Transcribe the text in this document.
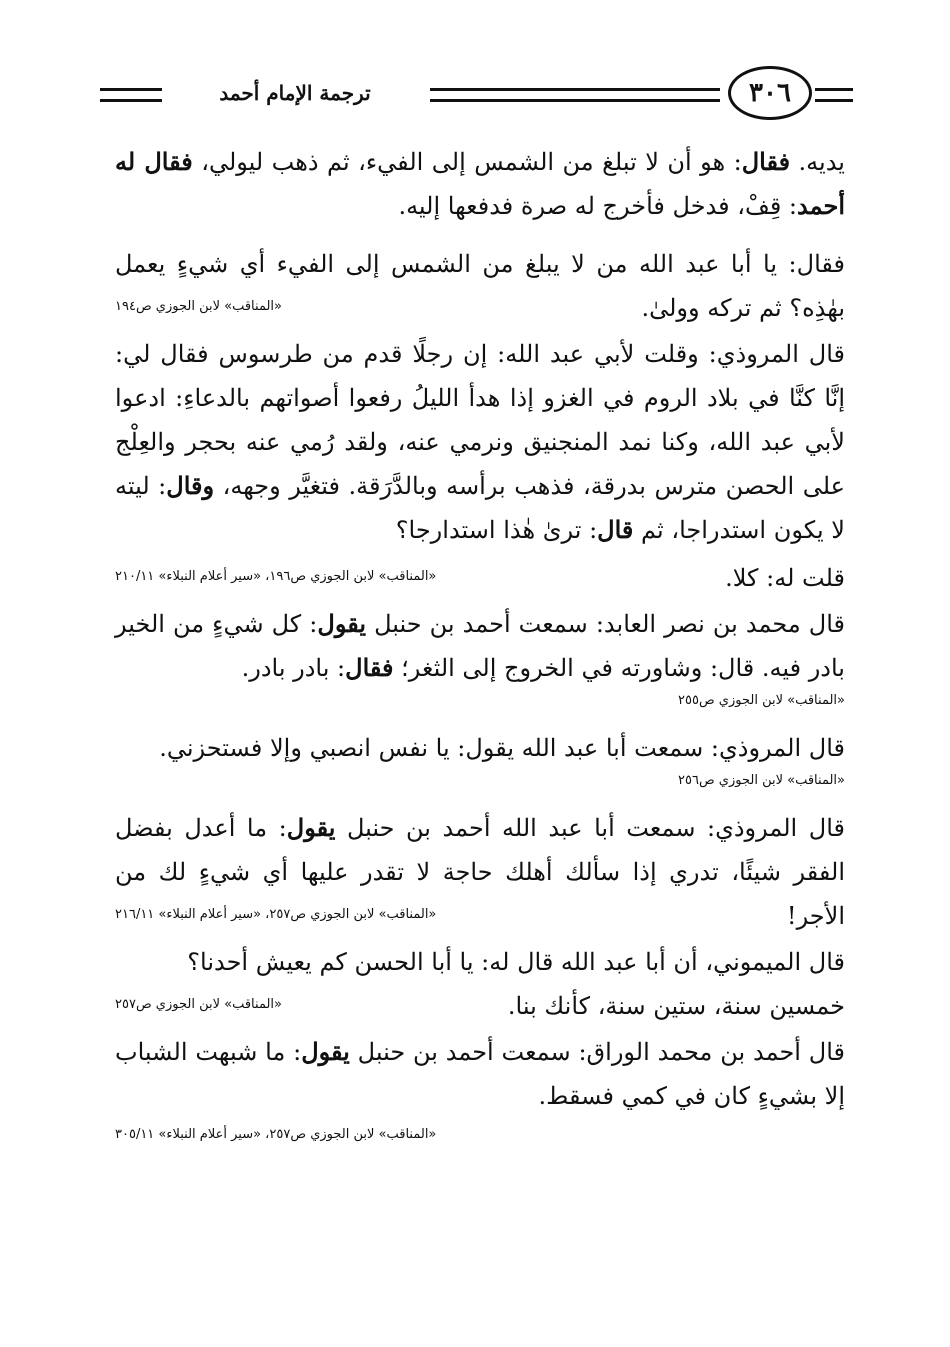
ترجمة الإمام أحمد	٣٠٦

يديه. فقال: هو أن لا تبلغ من الشمس إلى الفيء، ثم ذهب ليولي، فقال له أحمد: قِفْ، فدخل فأخرج له صرة فدفعها إليه.

فقال: يا أبا عبد الله من لا يبلغ من الشمس إلى الفيء أي شيءٍ يعمل بهٰذِه؟ ثم تركه وولىٰ.

«المناقب» لابن الجوزي ص١٩٤

قال المروذي: وقلت لأبي عبد الله: إن رجلًا قدم من طرسوس فقال لي: إنَّا كنَّا في بلاد الروم في الغزو إذا هدأ الليلُ رفعوا أصواتهم بالدعاءِ: ادعوا لأبي عبد الله، وكنا نمد المنجنيق ونرمي عنه، ولقد رُمي عنه بحجر والعِلْج على الحصن مترس بدرقة، فذهب برأسه وبالدَّرَقة. فتغيَّر وجهه، وقال: ليته لا يكون استدراجا، ثم قال: ترىٰ هٰذا استدارجا؟

قلت له: كلا.

«المناقب» لابن الجوزي ص١٩٦، «سير أعلام النبلاء» ٢١٠/١١

قال محمد بن نصر العابد: سمعت أحمد بن حنبل يقول: كل شيءٍ من الخير بادر فيه. قال: وشاورته في الخروج إلى الثغر؛ فقال: بادر بادر.

«المناقب» لابن الجوزي ص٢٥٥

قال المروذي: سمعت أبا عبد الله يقول: يا نفس انصبي وإلا فستحزني.

«المناقب» لابن الجوزي ص٢٥٦

قال المروذي: سمعت أبا عبد الله أحمد بن حنبل يقول: ما أعدل بفضل الفقر شيئًا، تدري إذا سألك أهلك حاجة لا تقدر عليها أي شيءٍ لك من الأجر!

«المناقب» لابن الجوزي ص٢٥٧، «سير أعلام النبلاء» ٢١٦/١١

قال الميموني، أن أبا عبد الله قال له: يا أبا الحسن كم يعيش أحدنا؟

خمسين سنة، ستين سنة، كأنك بنا.

«المناقب» لابن الجوزي ص٢٥٧

قال أحمد بن محمد الوراق: سمعت أحمد بن حنبل يقول: ما شبهت الشباب إلا بشيءٍ كان في كمي فسقط.

«المناقب» لابن الجوزي ص٢٥٧، «سير أعلام النبلاء» ٣٠٥/١١
